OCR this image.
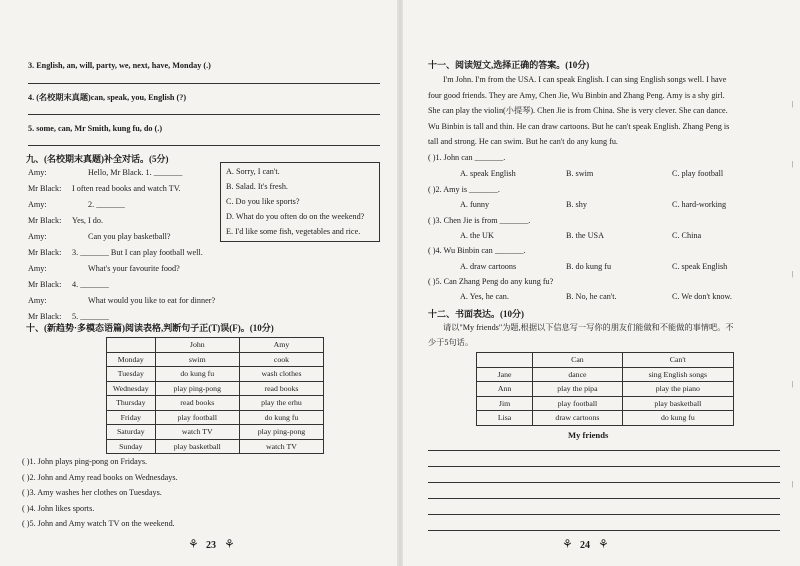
3. English, an, will, party, we, next, have, Monday (.)
4. (名校期末真题)can, speak, you, English (?)
5. some, can, Mr Smith, kung fu, do (.)
九、(名校期末真题)补全对话。(5分)
Amy:	Hello, Mr Black. 1. _______
Mr Black: I often read books and watch TV.
Amy:	2. _______
Mr Black: Yes, I do.
Amy:	Can you play basketball?
Mr Black: 3. _______ But I can play football well.
Amy:	What's your favourite food?
Mr Black: 4. _______
Amy:	What would you like to eat for dinner?
Mr Black: 5. _______
A. Sorry, I can't.
B. Salad. It's fresh.
C. Do you like sports?
D. What do you often do on the weekend?
E. I'd like some fish, vegetables and rice.
十、(新趋势·多模态语篇)阅读表格,判断句子正(T)误(F)。(10分)
	John	Amy
Monday	swim	cook
Tuesday	do kung fu	wash clothes
Wednesday	play ping-pong	read books
Thursday	read books	play the erhu
Friday	play football	do kung fu
Saturday	watch TV	play ping-pong
Sunday	play basketball	watch TV
( )1. John plays ping-pong on Fridays.
( )2. John and Amy read books on Wednesdays.
( )3. Amy washes her clothes on Tuesdays.
( )4. John likes sports.
( )5. John and Amy watch TV on the weekend.
⚘ 23 ⚘
十一、阅读短文,选择正确的答案。(10分)
I'm John. I'm from the USA. I can speak English. I can sing English songs well. I have
four good friends. They are Amy, Chen Jie, Wu Binbin and Zhang Peng. Amy is a shy girl.
She can play the violin(小提琴). Chen Jie is from China. She is very clever. She can dance.
Wu Binbin is tall and thin. He can draw cartoons. But he can't speak English. Zhang Peng is
tall and strong. He can swim. But he can't do any kung fu.
( )1. John can _______.
A. speak English	B. swim	C. play football
( )2. Amy is _______.
A. funny	B. shy	C. hard-working
( )3. Chen Jie is from _______.
A. the UK	B. the USA	C. China
( )4. Wu Binbin can _______.
A. draw cartoons	B. do kung fu	C. speak English
( )5. Can Zhang Peng do any kung fu?
A. Yes, he can.	B. No, he can't.	C. We don't know.
十二、书面表达。(10分)
请以"My friends"为题,根据以下信息写一写你的朋友们能做和不能做的事情吧。不
少于5句话。
	Can	Can't
Jane	dance	sing English songs
Ann	play the pipa	play the piano
Jim	play football	play basketball
Lisa	draw cartoons	do kung fu
My friends
⚘ 24 ⚘
|
|
|
|
|
